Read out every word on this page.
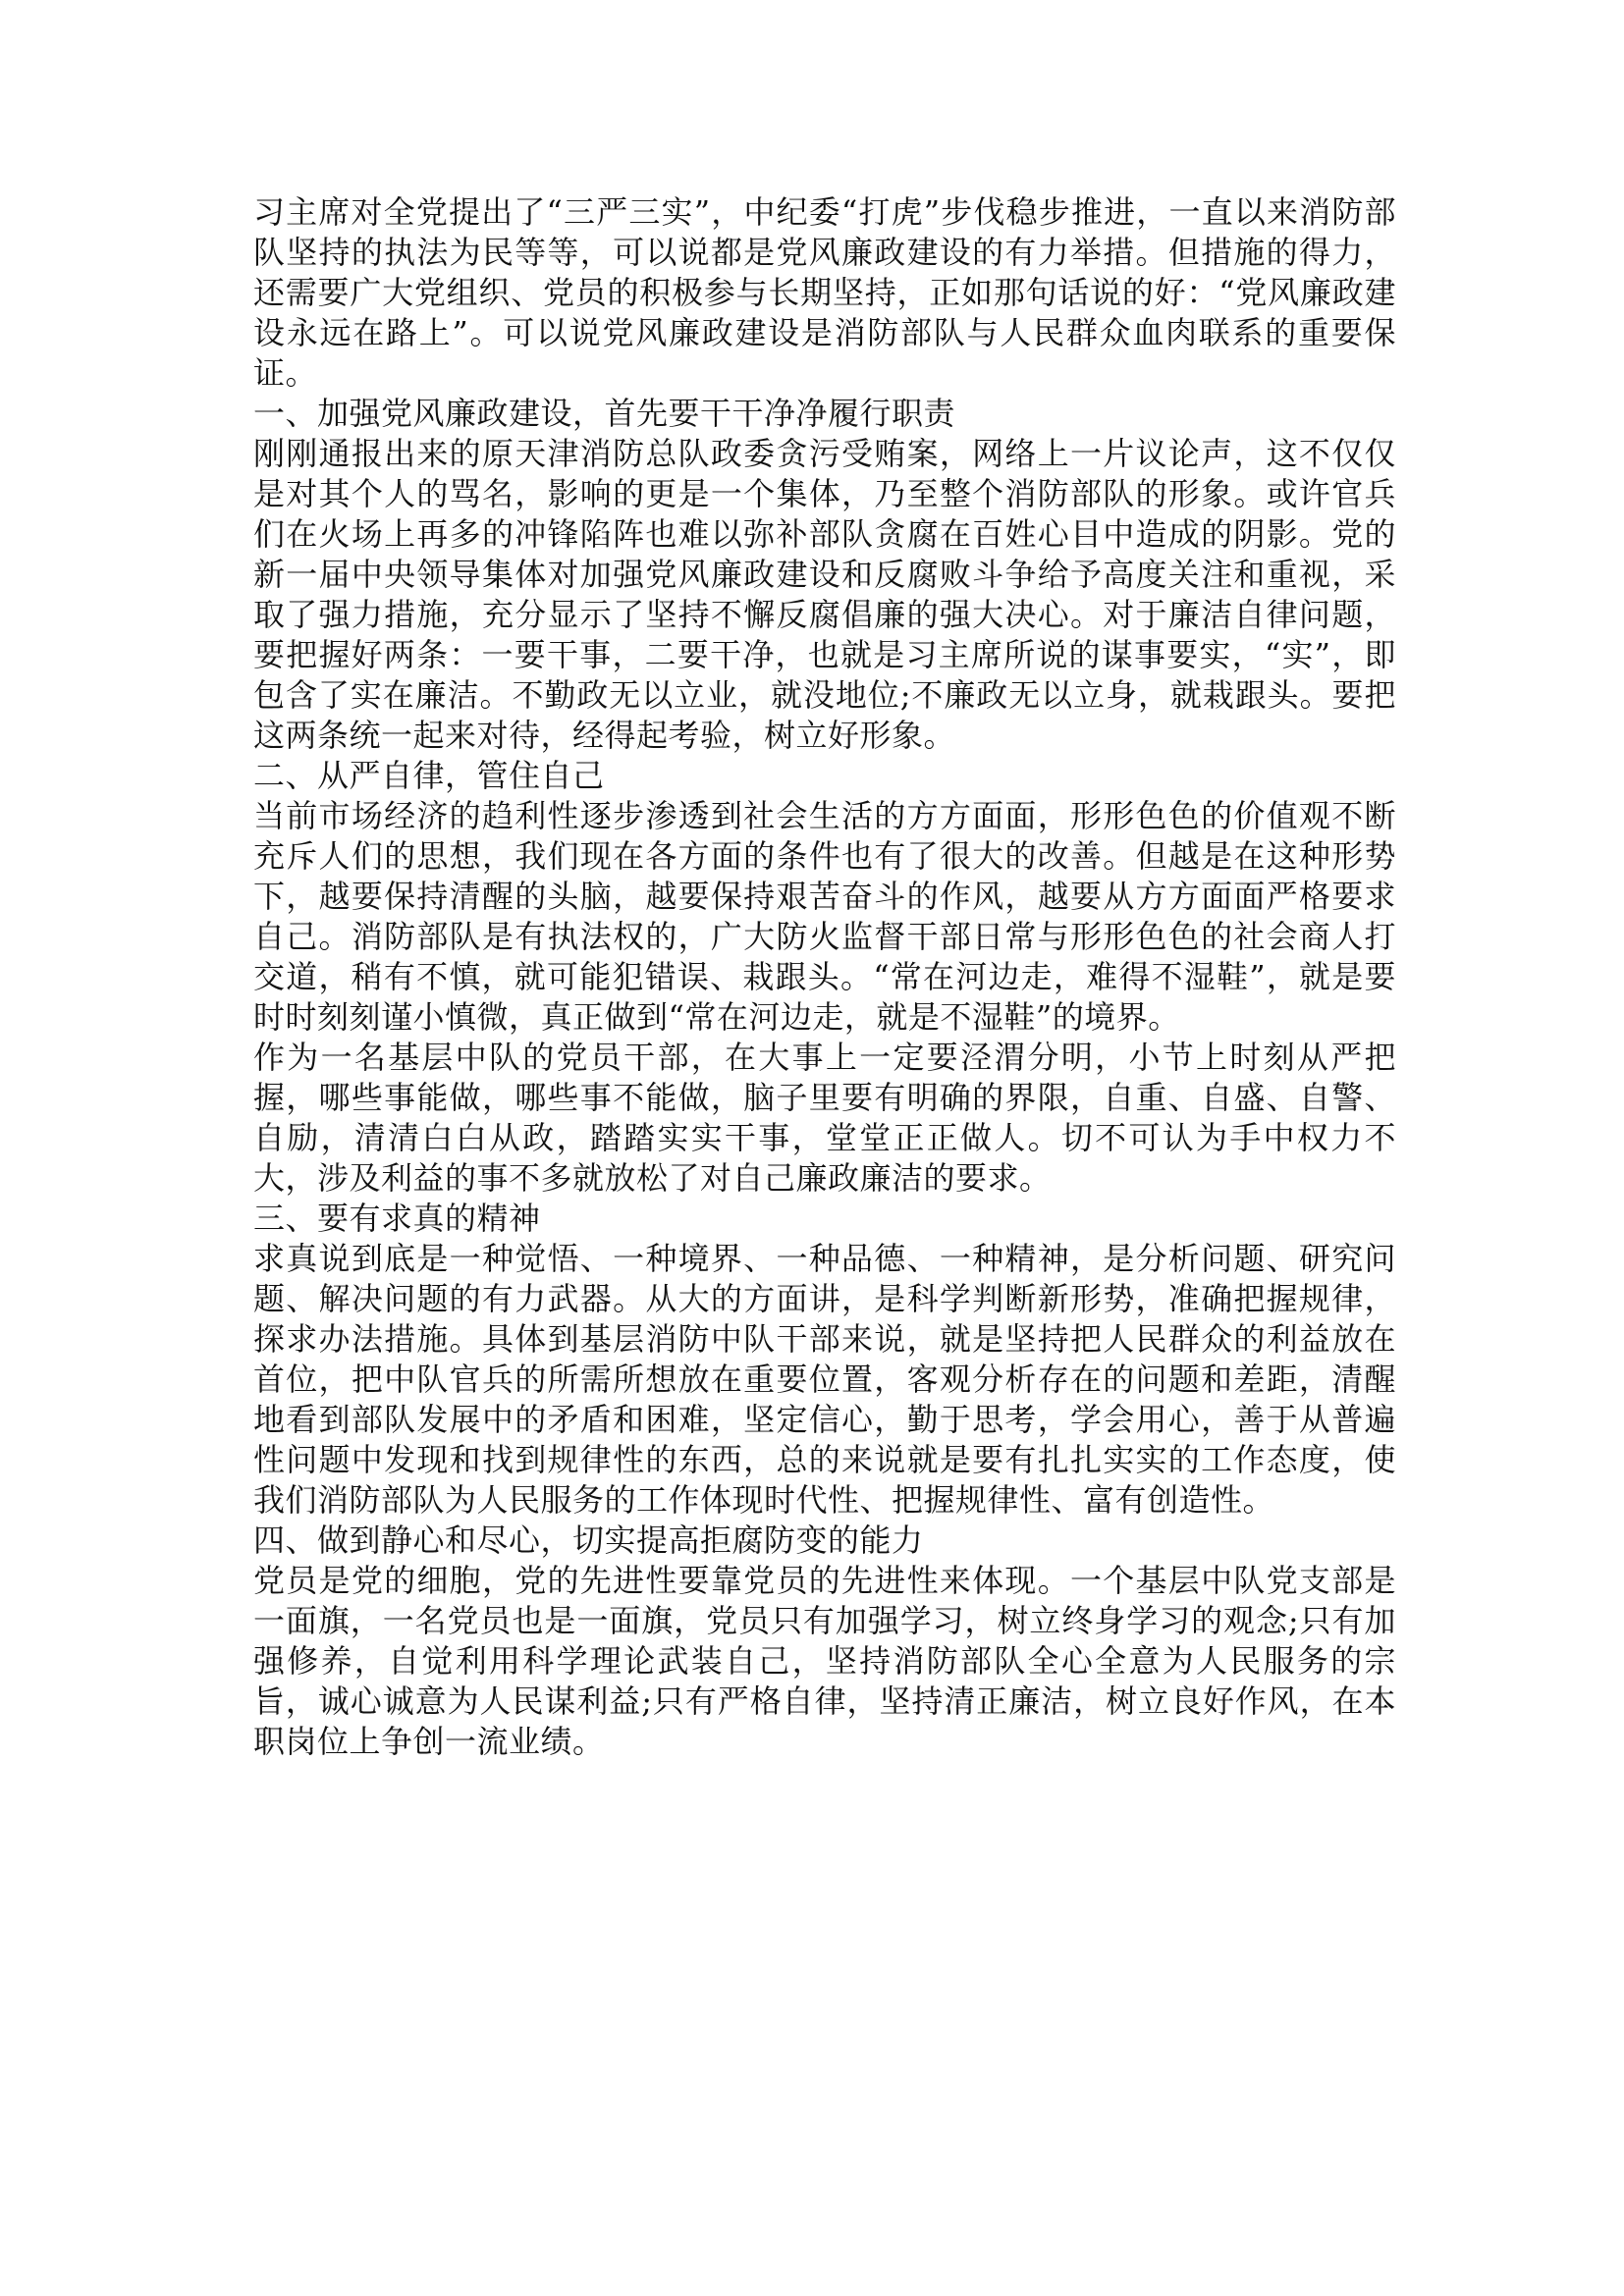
习主席对全党提出了“三严三实”，中纪委“打虎”步伐稳步推进，一直以来消防部队坚持的执法为民等等，可以说都是党风廉政建设的有力举措。但措施的得力，还需要广大党组织、党员的积极参与长期坚持，正如那句话说的好：“党风廉政建设永远在路上”。可以说党风廉政建设是消防部队与人民群众血肉联系的重要保证。

一、加强党风廉政建设，首先要干干净净履行职责

刚刚通报出来的原天津消防总队政委贪污受贿案，网络上一片议论声，这不仅仅是对其个人的骂名，影响的更是一个集体，乃至整个消防部队的形象。或许官兵们在火场上再多的冲锋陷阵也难以弥补部队贪腐在百姓心目中造成的阴影。党的新一届中央领导集体对加强党风廉政建设和反腐败斗争给予高度关注和重视，采取了强力措施，充分显示了坚持不懈反腐倡廉的强大决心。对于廉洁自律问题，要把握好两条：一要干事，二要干净，也就是习主席所说的谋事要实，“实”，即包含了实在廉洁。不勤政无以立业，就没地位;不廉政无以立身，就栽跟头。要把这两条统一起来对待，经得起考验，树立好形象。

二、从严自律，管住自己

当前市场经济的趋利性逐步渗透到社会生活的方方面面，形形色色的价值观不断充斥人们的思想，我们现在各方面的条件也有了很大的改善。但越是在这种形势下，越要保持清醒的头脑，越要保持艰苦奋斗的作风，越要从方方面面严格要求自己。消防部队是有执法权的，广大防火监督干部日常与形形色色的社会商人打交道，稍有不慎，就可能犯错误、栽跟头。“常在河边走，难得不湿鞋”，就是要时时刻刻谨小慎微，真正做到“常在河边走，就是不湿鞋”的境界。

作为一名基层中队的党员干部，在大事上一定要泾渭分明，小节上时刻从严把握，哪些事能做，哪些事不能做，脑子里要有明确的界限，自重、自盛、自警、自励，清清白白从政，踏踏实实干事，堂堂正正做人。切不可认为手中权力不大，涉及利益的事不多就放松了对自己廉政廉洁的要求。

三、要有求真的精神

求真说到底是一种觉悟、一种境界、一种品德、一种精神，是分析问题、研究问题、解决问题的有力武器。从大的方面讲，是科学判断新形势，准确把握规律，探求办法措施。具体到基层消防中队干部来说，就是坚持把人民群众的利益放在首位，把中队官兵的所需所想放在重要位置，客观分析存在的问题和差距，清醒地看到部队发展中的矛盾和困难，坚定信心，勤于思考，学会用心，善于从普遍性问题中发现和找到规律性的东西，总的来说就是要有扎扎实实的工作态度，使我们消防部队为人民服务的工作体现时代性、把握规律性、富有创造性。

四、做到静心和尽心，切实提高拒腐防变的能力

党员是党的细胞，党的先进性要靠党员的先进性来体现。一个基层中队党支部是一面旗，一名党员也是一面旗，党员只有加强学习，树立终身学习的观念;只有加强修养，自觉利用科学理论武装自己，坚持消防部队全心全意为人民服务的宗旨，诚心诚意为人民谋利益;只有严格自律，坚持清正廉洁，树立良好作风，在本职岗位上争创一流业绩。
